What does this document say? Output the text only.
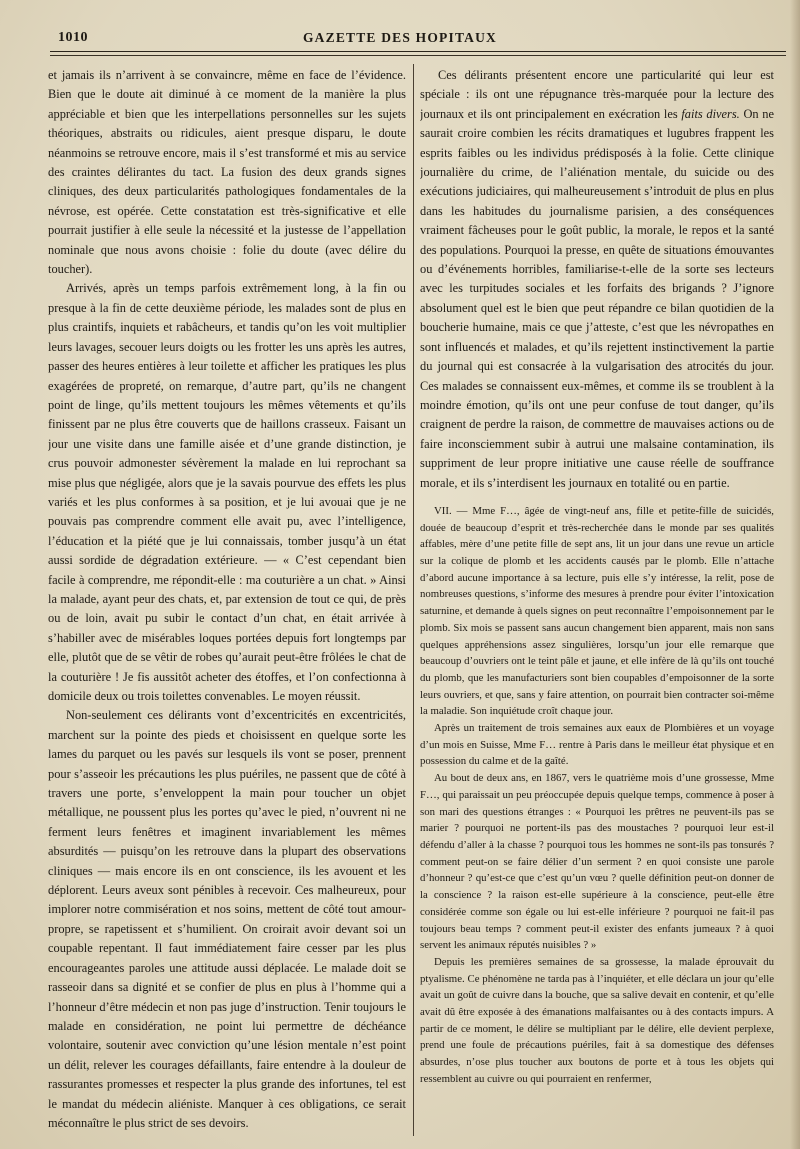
1010	GAZETTE DES HOPITAUX

et jamais ils n’arrivent à se convaincre, même en face de l’évidence. Bien que le doute ait diminué à ce moment de la manière la plus appréciable et bien que les interpellations personnelles sur les sujets théoriques, abstraits ou ridicules, aient presque disparu, le doute néanmoins se retrouve encore, mais il s’est transformé et mis au service des craintes délirantes du tact. La fusion des deux grands signes cliniques, des deux particularités pathologiques fondamentales de la névrose, est opérée. Cette constatation est très-significative et elle pourrait justifier à elle seule la nécessité et la justesse de l’appellation nominale que nous avons choisie : folie du doute (avec délire du toucher).

Arrivés, après un temps parfois extrêmement long, à la fin ou presque à la fin de cette deuxième période, les malades sont de plus en plus craintifs, inquiets et rabâcheurs, et tandis qu’on les voit multiplier leurs lavages, secouer leurs doigts ou les frotter les uns après les autres, passer des heures entières à leur toilette et afficher les pratiques les plus exagérées de propreté, on remarque, d’autre part, qu’ils ne changent point de linge, qu’ils mettent toujours les mêmes vêtements et qu’ils finissent par ne plus être couverts que de haillons crasseux. Faisant un jour une visite dans une famille aisée et d’une grande distinction, je crus pouvoir admonester sévèrement la malade en lui reprochant sa mise plus que négligée, alors que je la savais pourvue des effets les plus variés et les plus conformes à sa position, et je lui avouai que je ne pouvais pas comprendre comment elle avait pu, avec l’intelligence, l’éducation et la piété que je lui connaissais, tomber jusqu’à un état aussi sordide de dégradation extérieure. — « C’est cependant bien facile à comprendre, me répondit-elle : ma couturière a un chat. » Ainsi la malade, ayant peur des chats, et, par extension de tout ce qui, de près ou de loin, avait pu subir le contact d’un chat, en était arrivée à s’habiller avec de misérables loques portées depuis fort longtemps par elle, plutôt que de se vêtir de robes qu’aurait peut-être frôlées le chat de la couturière ! Je fis aussitôt acheter des étoffes, et l’on confectionna à domicile deux ou trois toilettes convenables. Le moyen réussit.

Non-seulement ces délirants vont d’excentricités en excentricités, marchent sur la pointe des pieds et choisissent en quelque sorte les lames du parquet ou les pavés sur lesquels ils vont se poser, prennent pour s’asseoir les précautions les plus puériles, ne passent que de côté à travers une porte, s’enveloppent la main pour toucher un objet métallique, ne poussent plus les portes qu’avec le pied, n’ouvrent ni ne ferment leurs fenêtres et imaginent invariablement les mêmes absurdités — puisqu’on les retrouve dans la plupart des observations cliniques — mais encore ils en ont conscience, ils les avouent et les déplorent. Leurs aveux sont pénibles à recevoir. Ces malheureux, pour implorer notre commisération et nos soins, mettent de côté tout amour-propre, se rapetissent et s’humilient. On croirait avoir devant soi un coupable repentant. Il faut immédiatement faire cesser par les plus encourageantes paroles une attitude aussi déplacée. Le malade doit se rasseoir dans sa dignité et se confier de plus en plus à l’homme qui a l’honneur d’être médecin et non pas juge d’instruction. Tenir toujours le malade en considération, ne point lui permettre de déchéance volontaire, soutenir avec conviction qu’une lésion mentale n’est point un délit, relever les courages défaillants, faire entendre à la douleur de rassurantes promesses et respecter la plus grande des infortunes, tel est le mandat du médecin aliéniste. Manquer à ces obligations, ce serait méconnaître le plus strict de ses devoirs.

Ces délirants présentent encore une particularité qui leur est spéciale : ils ont une répugnance très-marquée pour la lecture des journaux et ils ont principalement en exécration les faits divers. On ne saurait croire combien les récits dramatiques et lugubres frappent les esprits faibles ou les individus prédisposés à la folie. Cette clinique journalière du crime, de l’aliénation mentale, du suicide ou des exécutions judiciaires, qui malheureusement s’introduit de plus en plus dans les habitudes du journalisme parisien, a des conséquences vraiment fâcheuses pour le goût public, la morale, le repos et la santé des populations. Pourquoi la presse, en quête de situations émouvantes ou d’événements horribles, familiarise-t-elle de la sorte ses lecteurs avec les turpitudes sociales et les forfaits des brigands ? J’ignore absolument quel est le bien que peut répandre ce bilan quotidien de la boucherie humaine, mais ce que j’atteste, c’est que les névropathes en sont influencés et malades, et qu’ils rejettent instinctivement la partie du journal qui est consacrée à la vulgarisation des atrocités du jour. Ces malades se connaissent eux-mêmes, et comme ils se troublent à la moindre émotion, qu’ils ont une peur confuse de tout danger, qu’ils craignent de perdre la raison, de commettre de mauvaises actions ou de faire inconsciemment subir à autrui une malsaine contamination, ils suppriment de leur propre initiative une cause réelle de souffrance morale, et ils s’interdisent les journaux en totalité ou en partie.

VII. — Mme F…, âgée de vingt-neuf ans, fille et petite-fille de suicidés, douée de beaucoup d’esprit et très-recherchée dans le monde par ses qualités affables, mère d’une petite fille de sept ans, lit un jour dans une revue un article sur la colique de plomb et les accidents causés par le plomb. Elle n’attache d’abord aucune importance à sa lecture, puis elle s’y intéresse, la relit, pose de nombreuses questions, s’informe des mesures à prendre pour éviter l’intoxication saturnine, et demande à quels signes on peut reconnaître l’empoisonnement par le plomb. Six mois se passent sans aucun changement bien apparent, mais non sans quelques appréhensions assez singulières, lorsqu’un jour elle remarque que beaucoup d’ouvriers ont le teint pâle et jaune, et elle infère de là qu’ils ont touché du plomb, que les manufacturiers sont bien coupables d’empoisonner de la sorte leurs ouvriers, et que, sans y faire attention, on pourrait bien contracter soi-même la maladie. Son inquiétude croît chaque jour.

Après un traitement de trois semaines aux eaux de Plombières et un voyage d’un mois en Suisse, Mme F… rentre à Paris dans le meilleur état physique et en possession du calme et de la gaîté.

Au bout de deux ans, en 1867, vers le quatrième mois d’une grossesse, Mme F…, qui paraissait un peu préoccupée depuis quelque temps, commence à poser à son mari des questions étranges : « Pourquoi les prêtres ne peuvent-ils pas se marier ? pourquoi ne portent-ils pas des moustaches ? pourquoi leur est-il défendu d’aller à la chasse ? pourquoi tous les hommes ne sont-ils pas tonsurés ? comment peut-on se faire délier d’un serment ? en quoi consiste une parole d’honneur ? qu’est-ce que c’est qu’un vœu ? quelle définition peut-on donner de la conscience ? la raison est-elle supérieure à la conscience, peut-elle être considérée comme son égale ou lui est-elle inférieure ? pourquoi ne fait-il pas toujours beau temps ? comment peut-il exister des enfants jumeaux ? à quoi servent les animaux réputés nuisibles ? »

Depuis les premières semaines de sa grossesse, la malade éprouvait du ptyalisme. Ce phénomène ne tarda pas à l’inquiéter, et elle déclara un jour qu’elle avait un goût de cuivre dans la bouche, que sa salive devait en contenir, et qu’elle avait dû être exposée à des émanations malfaisantes ou à des contacts impurs. A partir de ce moment, le délire se multipliant par le délire, elle devient perplexe, prend une foule de précautions puériles, fait à sa domestique des défenses absurdes, n’ose plus toucher aux boutons de porte et à tous les objets qui ressemblent au cuivre ou qui pourraient en renfermer,
